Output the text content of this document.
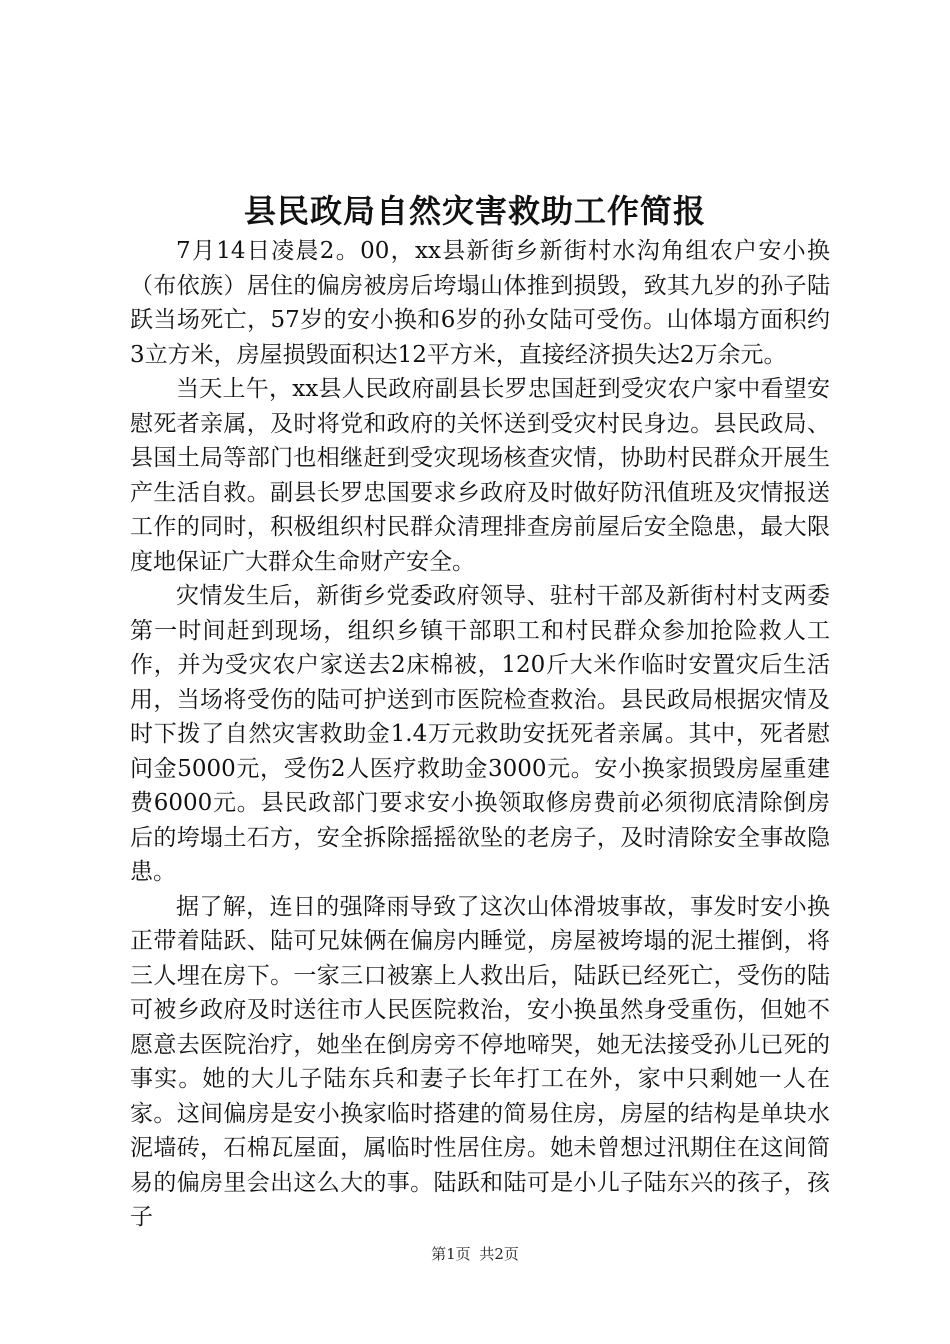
县民政局自然灾害救助工作简报

7月14日凌晨2。00，xx县新街乡新街村水沟角组农户安小换（布依族）居住的偏房被房后垮塌山体推到损毁，致其九岁的孙子陆跃当场死亡，57岁的安小换和6岁的孙女陆可受伤。山体塌方面积约3立方米，房屋损毁面积达12平方米，直接经济损失达2万余元。

当天上午，xx县人民政府副县长罗忠国赶到受灾农户家中看望安慰死者亲属，及时将党和政府的关怀送到受灾村民身边。县民政局、县国土局等部门也相继赶到受灾现场核查灾情，协助村民群众开展生产生活自救。副县长罗忠国要求乡政府及时做好防汛值班及灾情报送工作的同时，积极组织村民群众清理排查房前屋后安全隐患，最大限度地保证广大群众生命财产安全。

灾情发生后，新街乡党委政府领导、驻村干部及新街村村支两委第一时间赶到现场，组织乡镇干部职工和村民群众参加抢险救人工作，并为受灾农户家送去2床棉被，120斤大米作临时安置灾后生活用，当场将受伤的陆可护送到市医院检查救治。县民政局根据灾情及时下拨了自然灾害救助金1.4万元救助安抚死者亲属。其中，死者慰问金5000元，受伤2人医疗救助金3000元。安小换家损毁房屋重建费6000元。县民政部门要求安小换领取修房费前必须彻底清除倒房后的垮塌土石方，安全拆除摇摇欲坠的老房子，及时清除安全事故隐患。

据了解，连日的强降雨导致了这次山体滑坡事故，事发时安小换正带着陆跃、陆可兄妹俩在偏房内睡觉，房屋被垮塌的泥土摧倒，将三人埋在房下。一家三口被寨上人救出后，陆跃已经死亡，受伤的陆可被乡政府及时送往市人民医院救治，安小换虽然身受重伤，但她不愿意去医院治疗，她坐在倒房旁不停地啼哭，她无法接受孙儿已死的事实。她的大儿子陆东兵和妻子长年打工在外，家中只剩她一人在家。这间偏房是安小换家临时搭建的简易住房，房屋的结构是单块水泥墙砖，石棉瓦屋面，属临时性居住房。她未曾想过汛期住在这间简易的偏房里会出这么大的事。陆跃和陆可是小儿子陆东兴的孩子，孩子

第1页 共2页
